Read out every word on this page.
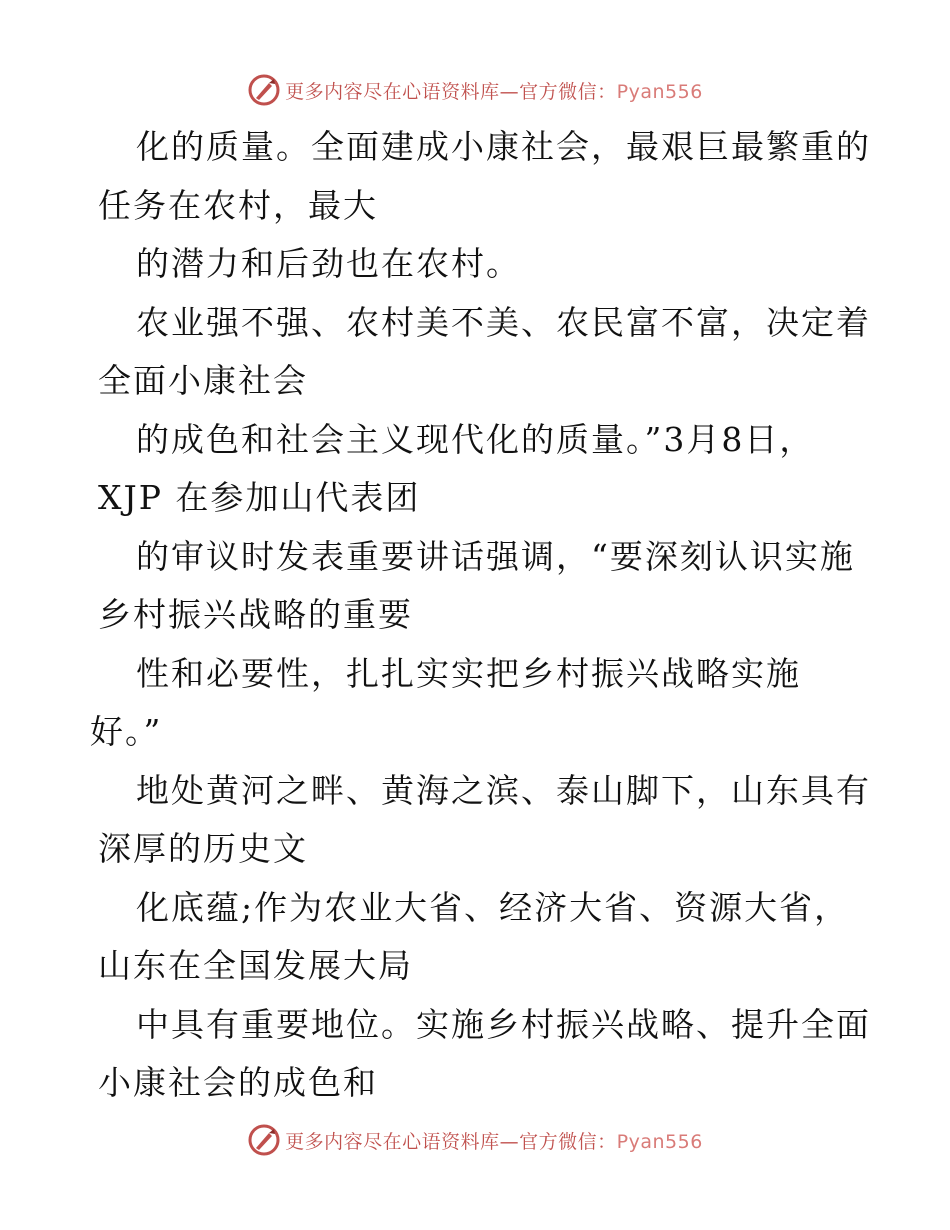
更多内容尽在心语资料库—官方微信：Pyan556
化的质量。全面建成小康社会，最艰巨最繁重的
任务在农村，最大
的潜力和后劲也在农村。
农业强不强、农村美不美、农民富不富，决定着
全面小康社会
的成色和社会主义现代化的质量。”3月8日，
XJP 在参加山代表团
的审议时发表重要讲话强调，“要深刻认识实施
乡村振兴战略的重要
性和必要性，扎扎实实把乡村振兴战略实施
好。”
地处黄河之畔、黄海之滨、泰山脚下，山东具有
深厚的历史文
化底蕴;作为农业大省、经济大省、资源大省，
山东在全国发展大局
中具有重要地位。实施乡村振兴战略、提升全面
小康社会的成色和
更多内容尽在心语资料库—官方微信：Pyan556
